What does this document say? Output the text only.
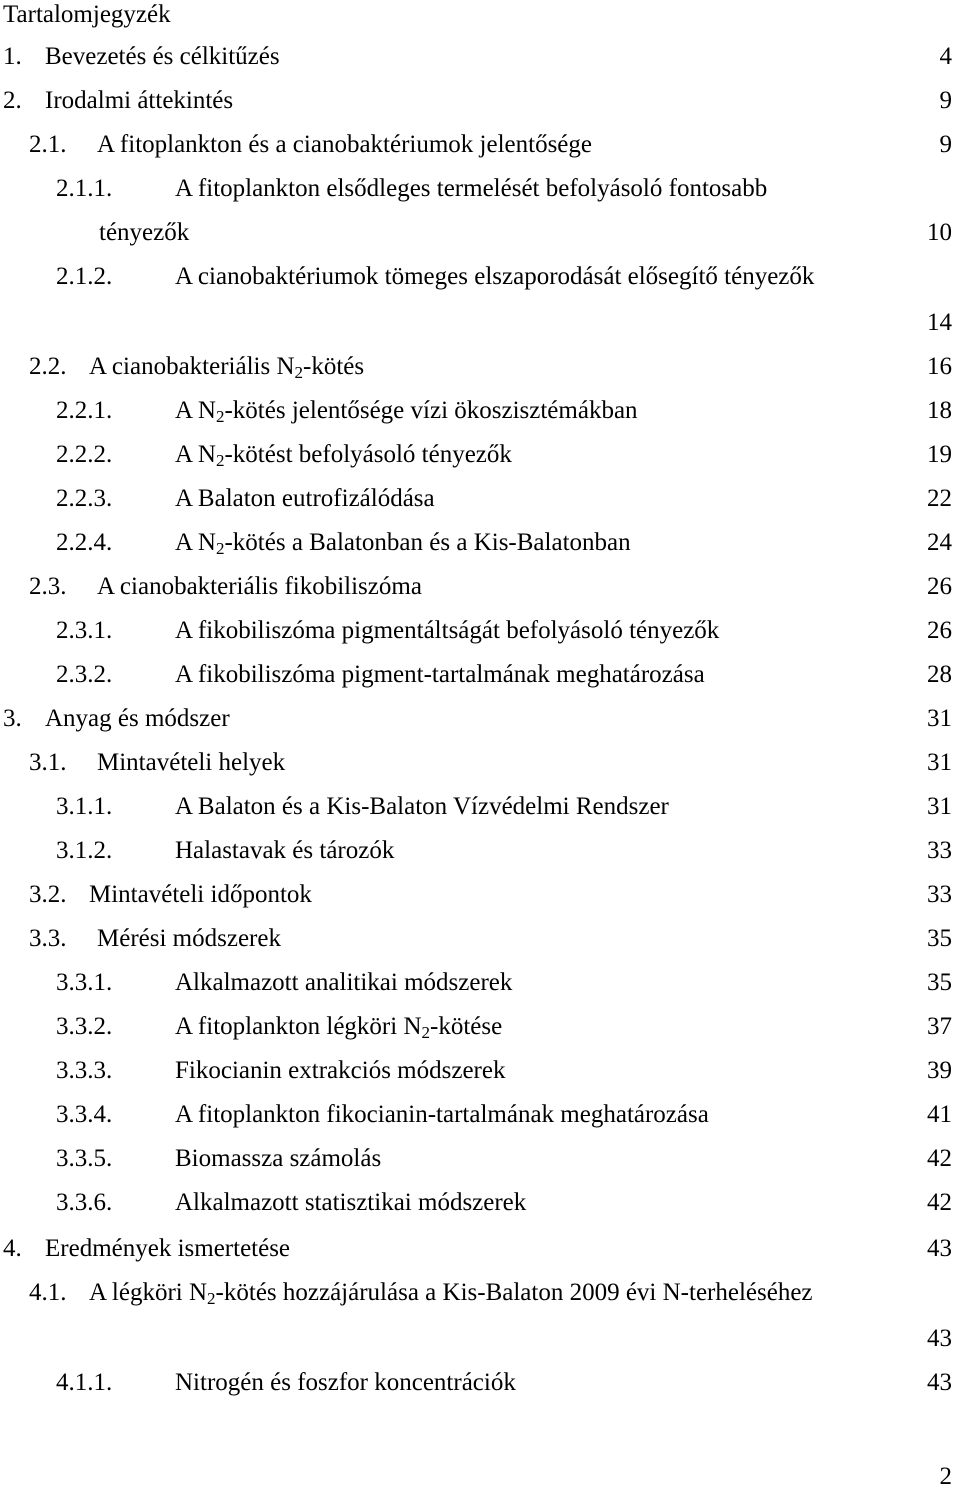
Tartalomjegyzék
1. Bevezetés és célkitűzés	4
2. Irodalmi áttekintés	9
2.1. A fitoplankton és a cianobaktériumok jelentősége	9
2.1.1.	A fitoplankton elsődleges termelését befolyásoló fontosabb
tényezők	10
2.1.2.	A cianobaktériumok tömeges elszaporodását elősegítő tényezők
14
2.2. A cianobakteriális $N_2$-kötés	16
2.2.1.	A $N_2$-kötés jelentősége vízi ökoszisztémákban	18
2.2.2.	A $N_2$-kötést befolyásoló tényezők	19
2.2.3.	A Balaton eutrofizálódása	22
2.2.4.	A $N_2$-kötés a Balatonban és a Kis-Balatonban	24
2.3. A cianobakteriális fikobiliszóma	26
2.3.1.	A fikobiliszóma pigmentáltságát befolyásoló tényezők	26
2.3.2.	A fikobiliszóma pigment-tartalmának meghatározása	28
3. Anyag és módszer	31
3.1. Mintavételi helyek	31
3.1.1.	A Balaton és a Kis-Balaton Vízvédelmi Rendszer	31
3.1.2.	Halastavak és tározók	33
3.2. Mintavételi időpontok	33
3.3. Mérési módszerek	35
3.3.1.	Alkalmazott analitikai módszerek	35
3.3.2.	A fitoplankton légköri $N_2$-kötése	37
3.3.3.	Fikocianin extrakciós módszerek	39
3.3.4.	A fitoplankton fikocianin-tartalmának meghatározása	41
3.3.5.	Biomassza számolás	42
3.3.6.	Alkalmazott statisztikai módszerek	42
4. Eredmények ismertetése	43
4.1. A légköri $N_2$-kötés hozzájárulása a Kis-Balaton 2009 évi N-terheléséhez
43
4.1.1.	Nitrogén és foszfor koncentrációk	43
2
